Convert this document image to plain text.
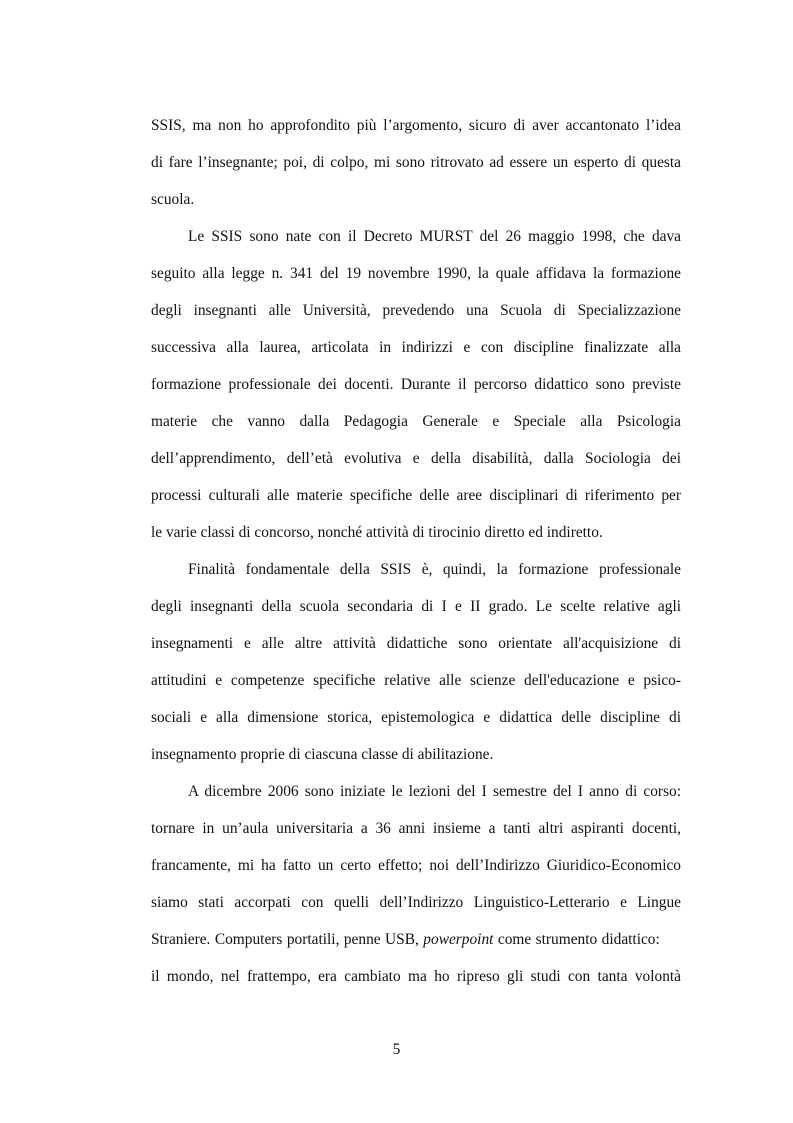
SSIS, ma non ho approfondito più l’argomento, sicuro di aver accantonato l’idea
di fare l’insegnante; poi, di colpo, mi sono ritrovato ad essere un esperto di questa
scuola.
Le SSIS sono nate con il Decreto MURST del 26 maggio 1998, che dava
seguito alla legge n. 341 del 19 novembre 1990, la quale affidava la formazione
degli insegnanti alle Università, prevedendo una Scuola di Specializzazione
successiva alla laurea, articolata in indirizzi e con discipline finalizzate alla
formazione professionale dei docenti. Durante il percorso didattico sono previste
materie che vanno dalla Pedagogia Generale e Speciale alla Psicologia
dell’apprendimento, dell’età evolutiva e della disabilità, dalla Sociologia dei
processi culturali alle materie specifiche delle aree disciplinari di riferimento per
le varie classi di concorso, nonché attività di tirocinio diretto ed indiretto.
Finalità fondamentale della SSIS è, quindi, la formazione professionale
degli insegnanti della scuola secondaria di I e II grado. Le scelte relative agli
insegnamenti e alle altre attività didattiche sono orientate all'acquisizione di
attitudini e competenze specifiche relative alle scienze dell'educazione e psico-
sociali e alla dimensione storica, epistemologica e didattica delle discipline di
insegnamento proprie di ciascuna classe di abilitazione.
A dicembre 2006 sono iniziate le lezioni del I semestre del I anno di corso:
tornare in un’aula universitaria a 36 anni insieme a tanti altri aspiranti docenti,
francamente, mi ha fatto un certo effetto; noi dell’Indirizzo Giuridico-Economico
siamo stati accorpati con quelli dell’Indirizzo Linguistico-Letterario e Lingue
Straniere. Computers portatili, penne USB, powerpoint come strumento didattico:
il mondo, nel frattempo, era cambiato ma ho ripreso gli studi con tanta volontà
5
